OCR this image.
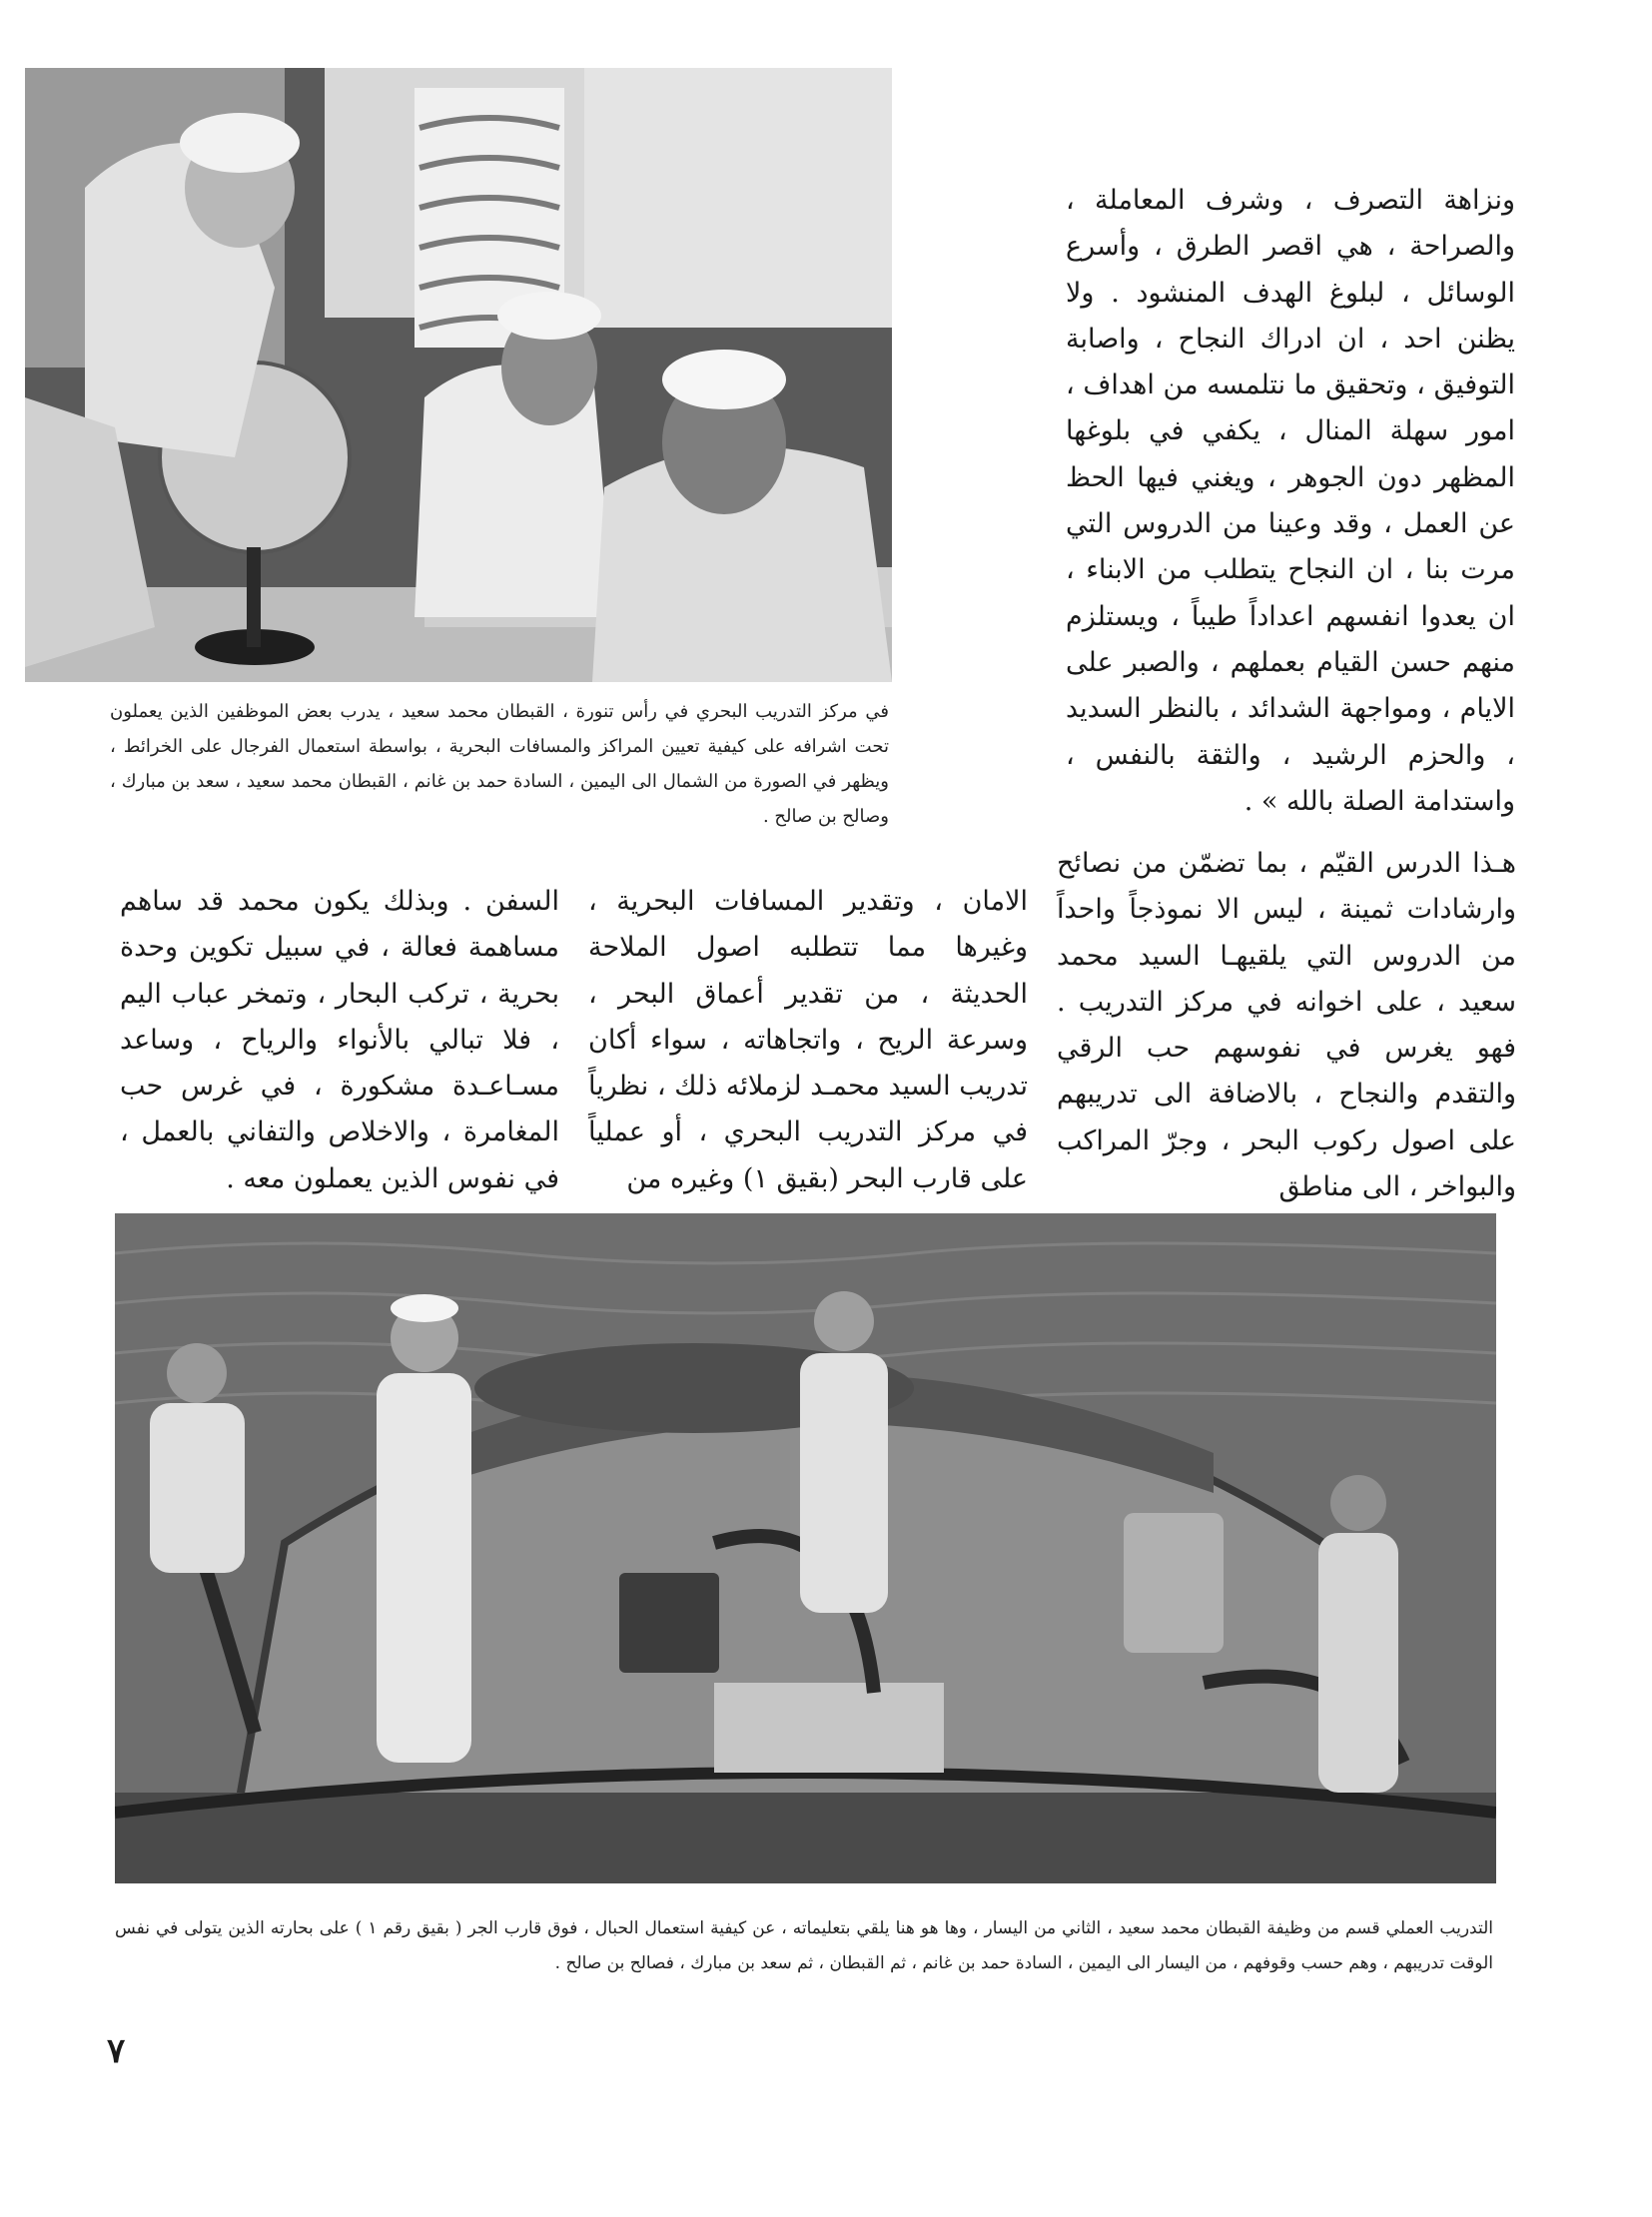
في مركز التدريب البحري في رأس تنورة ، القبطان محمد سعيد ، يدرب بعض الموظفين الذين يعملون تحت اشرافه على كيفية تعيين المراكز والمسافات البحرية ، بواسطة استعمال الفرجال على الخرائط ، ويظهر في الصورة من الشمال الى اليمين ، السادة حمد بن غانم ، القبطان محمد سعيد ، سعد بن مبارك ، وصالح بن صالح .

ونزاهة التصرف ، وشرف المعاملة ، والصراحة ، هي اقصر الطرق ، وأسرع الوسائل ، لبلوغ الهدف المنشود . ولا يظنن احد ، ان ادراك النجاح ، واصابة التوفيق ، وتحقيق ما نتلمسه من اهداف ، امور سهلة المنال ، يكفي في بلوغها المظهر دون الجوهر ، ويغني فيها الحظ عن العمل ، وقد وعينا من الدروس التي مرت بنا ، ان النجاح يتطلب من الابناء ، ان يعدوا انفسهم اعداداً طيباً ، ويستلزم منهم حسن القيام بعملهم ، والصبر على الايام ، ومواجهة الشدائد ، بالنظر السديد ، والحزم الرشيد ، والثقة بالنفس ، واستدامة الصلة بالله » .

هـذا الدرس القيّم ، بما تضمّن من نصائح وارشادات ثمينة ، ليس الا نموذجاً واحداً من الدروس التي يلقيهـا السيد محمد سعيد ، على اخوانه في مركز التدريب . فهو يغرس في نفوسهم حب الرقي والتقدم والنجاح ، بالاضافة الى تدريبهم على اصول ركوب البحر ، وجرّ المراكب والبواخر ، الى مناطق

الامان ، وتقدير المسافات البحرية ، وغيرها مما تتطلبه اصول الملاحة الحديثة ، من تقدير أعماق البحر ، وسرعة الريح ، واتجاهاته ، سواء أكان تدريب السيد محمـد لزملائه ذلك ، نظرياً في مركز التدريب البحري ، أو عملياً على قارب البحر (بقيق ١) وغيره من

السفن . وبذلك يكون محمد قد ساهم مساهمة فعالة ، في سبيل تكوين وحدة بحرية ، تركب البحار ، وتمخر عباب اليم ، فلا تبالي بالأنواء والرياح ، وساعد مسـاعـدة مشكورة ، في غرس حب المغامرة ، والاخلاص والتفاني بالعمل ، في نفوس الذين يعملون معه .

التدريب العملي قسم من وظيفة القبطان محمد سعيد ، الثاني من اليسار ، وها هو هنا يلقي بتعليماته ، عن كيفية استعمال الحبال ، فوق قارب الجر ( بقيق رقم ١ ) على بحارته الذين يتولى في نفس الوقت تدريبهم ، وهم حسب وقوفهم ، من اليسار الى اليمين ، السادة حمد بن غانم ، ثم القبطان ، ثم سعد بن مبارك ، فصالح بن صالح .

٧
